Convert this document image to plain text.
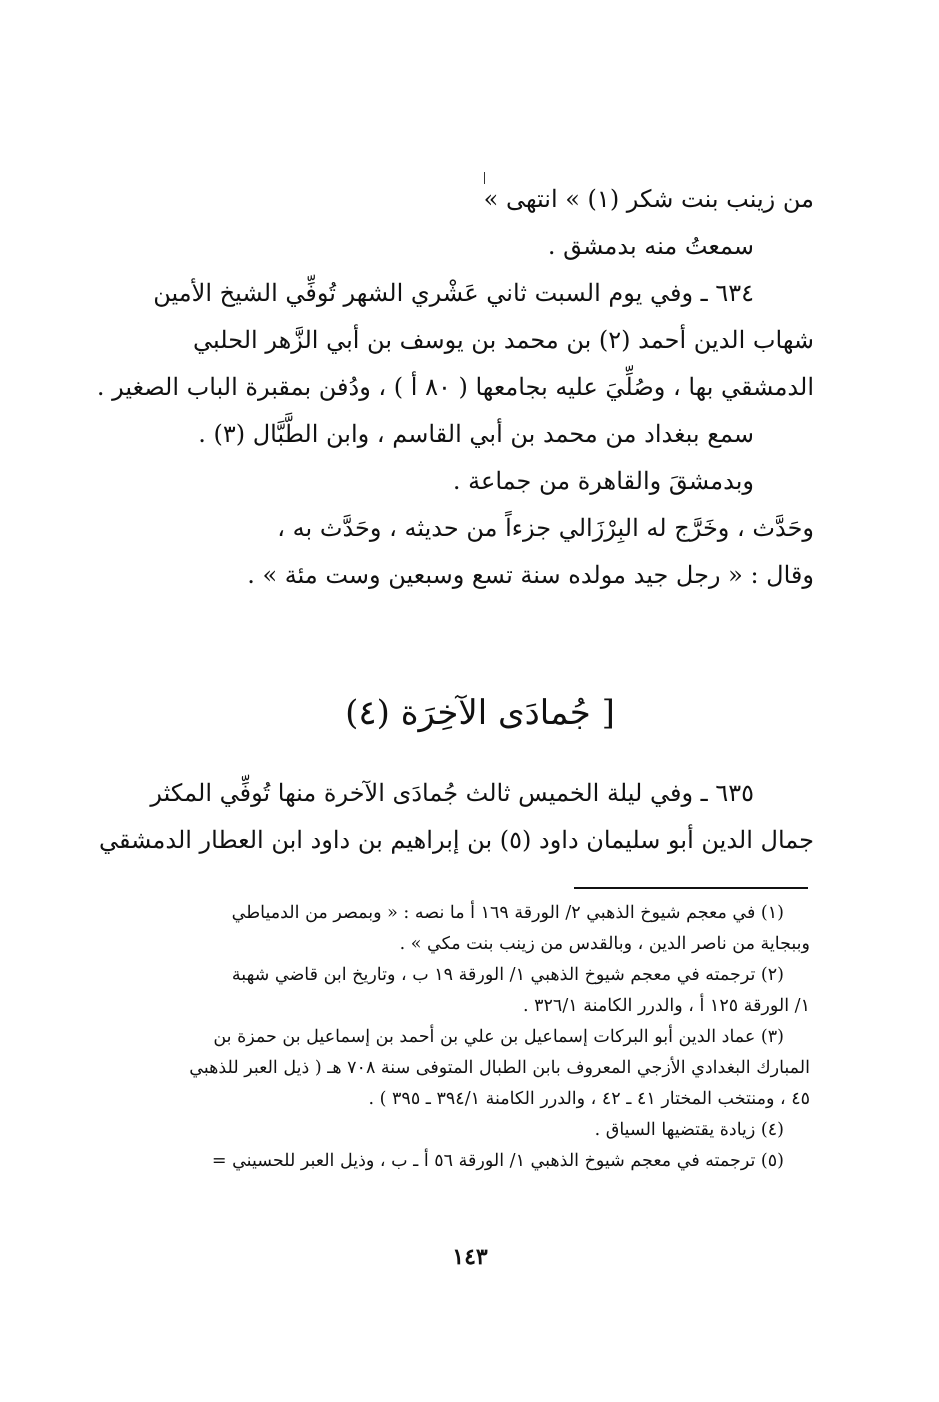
من زينب بنت شكر (١) » انتهى »
سمعتُ منه بدمشق .
٦٣٤ ـ وفي يوم السبت ثاني عَشْري الشهر تُوفِّي الشيخ الأمين
شهاب الدين أحمد (٢) بن محمد بن يوسف بن أبي الزَّهر الحلبي
الدمشقي بها ، وصُلِّيَ عليه بجامعها ( ٨٠ أ ) ، ودُفن بمقبرة الباب الصغير .
سمع ببغداد من محمد بن أبي القاسم ، وابن الطَّبَّال (٣) .
وبدمشقَ والقاهرة من جماعة .
وحَدَّث ، وخَرَّج له البِرْزَالي جزءاً من حديثه ، وحَدَّث به ،
وقال : « رجل جيد مولده سنة تسع وسبعين وست مئة » .
[ جُمادَى الآخِرَة (٤)
٦٣٥ ـ وفي ليلة الخميس ثالث جُمادَى الآخرة منها تُوفِّي المكثر
جمال الدين أبو سليمان داود (٥) بن إبراهيم بن داود ابن العطار الدمشقي
(١) في معجم شيوخ الذهبي ٢/ الورقة ١٦٩ أ ما نصه : « وبمصر من الدمياطي
وببجاية من ناصر الدين ، وبالقدس من زينب بنت مكي » .
(٢) ترجمته في معجم شيوخ الذهبي ١/ الورقة ١٩ ب ، وتاريخ ابن قاضي شهبة
١/ الورقة ١٢٥ أ ، والدرر الكامنة ٣٢٦/١ .
(٣) عماد الدين أبو البركات إسماعيل بن علي بن أحمد بن إسماعيل بن حمزة بن
المبارك البغدادي الأزجي المعروف بابن الطبال المتوفى سنة ٧٠٨ هـ ( ذيل العبر للذهبي
٤٥ ، ومنتخب المختار ٤١ ـ ٤٢ ، والدرر الكامنة ٣٩٤/١ ـ ٣٩٥ ) .
(٤) زيادة يقتضيها السياق .
(٥) ترجمته في معجم شيوخ الذهبي ١/ الورقة ٥٦ أ ـ ب ، وذيل العبر للحسيني =
١٤٣
